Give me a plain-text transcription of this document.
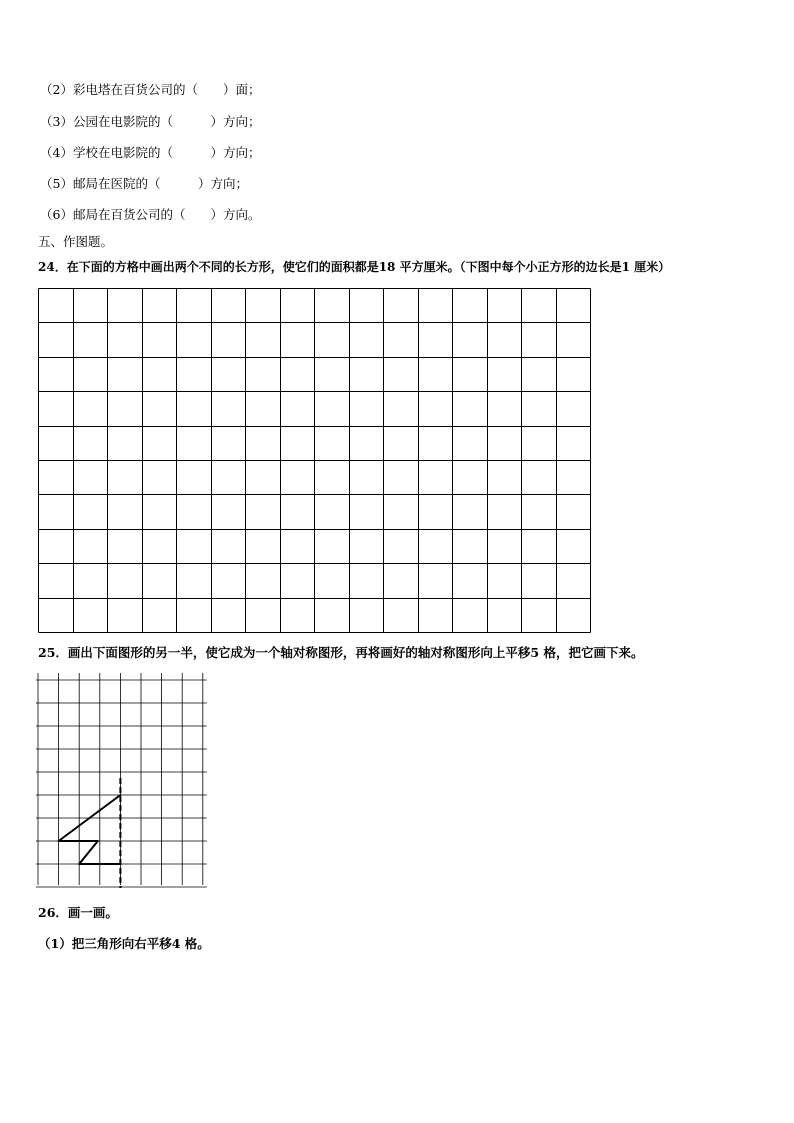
（2）彩电塔在百货公司的（　　）面；
（3）公园在电影院的（　　　）方向；
（4）学校在电影院的（　　　）方向；
（5）邮局在医院的（　　　）方向；
（6）邮局在百货公司的（　　）方向。
五、作图题。
24．在下面的方格中画出两个不同的长方形，使它们的面积都是18 平方厘米。（下图中每个小正方形的边长是1 厘米）
25．画出下面图形的另一半，使它成为一个轴对称图形，再将画好的轴对称图形向上平移5 格，把它画下来。
26．画一画。
（1）把三角形向右平移4 格。
